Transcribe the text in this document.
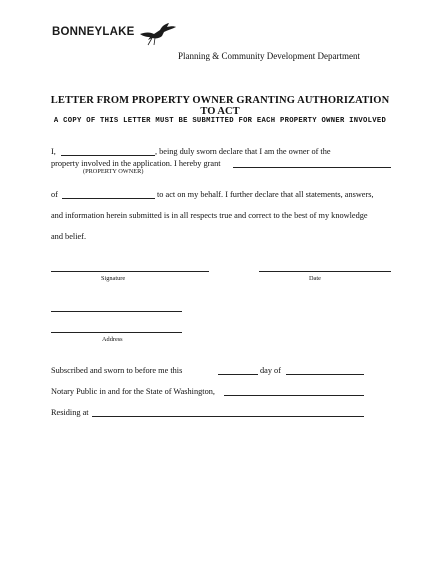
BONNEYLAKE
Planning & Community Development Department
LETTER FROM PROPERTY OWNER GRANTING AUTHORIZATION
TO ACT
A COPY OF THIS LETTER MUST BE SUBMITTED FOR EACH PROPERTY OWNER INVOLVED
I,	, being duly sworn declare that I am the owner of the
property involved in the application. I hereby grant
(PROPERTY OWNER)
of	to act on my behalf. I further declare that all statements, answers,
and information herein submitted is in all respects true and correct to the best of my knowledge
and belief.
Signature	Date
Address
Subscribed and sworn to before me this	day of
Notary Public in and for the State of Washington,
Residing at
